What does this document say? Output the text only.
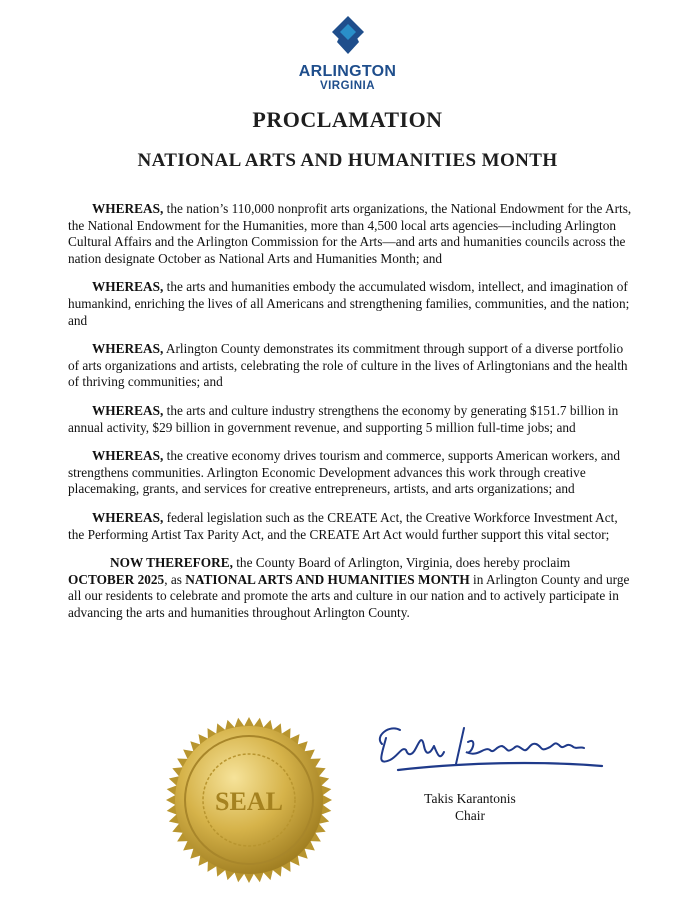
ARLINGTON
VIRGINIA
PROCLAMATION
NATIONAL ARTS AND HUMANITIES MONTH

WHEREAS, the nation’s 110,000 nonprofit arts organizations, the National Endowment for the Arts, the National Endowment for the Humanities, more than 4,500 local arts agencies—including Arlington Cultural Affairs and the Arlington Commission for the Arts—and arts and humanities councils across the nation designate October as National Arts and Humanities Month; and

WHEREAS, the arts and humanities embody the accumulated wisdom, intellect, and imagination of humankind, enriching the lives of all Americans and strengthening families, communities, and the nation; and

WHEREAS, Arlington County demonstrates its commitment through support of a diverse portfolio of arts organizations and artists, celebrating the role of culture in the lives of Arlingtonians and the health of thriving communities; and

WHEREAS, the arts and culture industry strengthens the economy by generating $151.7 billion in annual activity, $29 billion in government revenue, and supporting 5 million full-time jobs; and

WHEREAS, the creative economy drives tourism and commerce, supports American workers, and strengthens communities. Arlington Economic Development advances this work through creative placemaking, grants, and services for creative entrepreneurs, artists, and arts organizations; and

WHEREAS, federal legislation such as the CREATE Act, the Creative Workforce Investment Act, the Performing Artist Tax Parity Act, and the CREATE Art Act would further support this vital sector;

NOW THEREFORE, the County Board of Arlington, Virginia, does hereby proclaim OCTOBER 2025, as NATIONAL ARTS AND HUMANITIES MONTH in Arlington County and urge all our residents to celebrate and promote the arts and culture in our nation and to actively participate in advancing the arts and humanities throughout Arlington County.

SEAL	Takis Karantonis
Chair
